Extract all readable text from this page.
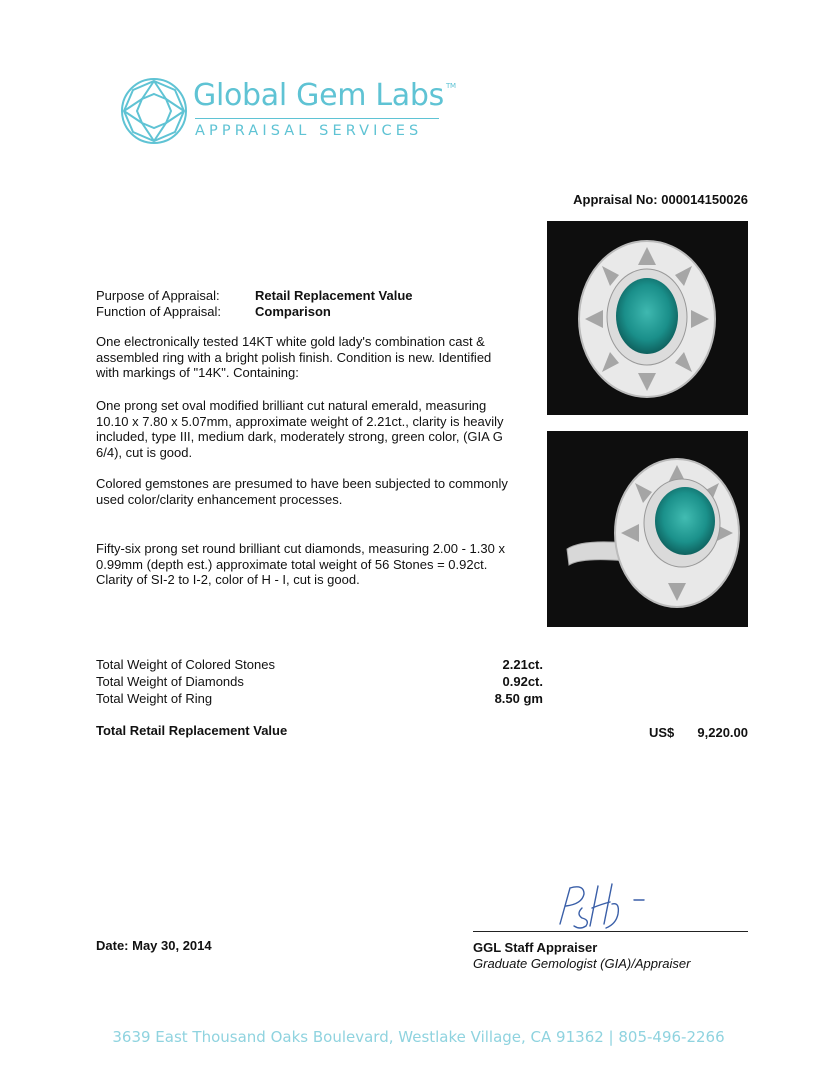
Global Gem Labs ™
APPRAISAL SERVICES
Appraisal No: 000014150026
Purpose of Appraisal:	Retail Replacement Value
Function of Appraisal:	Comparison
One electronically tested 14KT white gold lady's combination cast & assembled ring with a bright polish finish. Condition is new. Identified with markings of "14K". Containing:
One prong set oval modified brilliant cut natural emerald, measuring 10.10 x 7.80 x 5.07mm, approximate weight of 2.21ct., clarity is heavily included, type III, medium dark, moderately strong, green color, (GIA G 6/4), cut is good.
Colored gemstones are presumed to have been subjected to commonly used color/clarity enhancement processes.
Fifty-six prong set round brilliant cut diamonds, measuring 2.00 - 1.30 x 0.99mm (depth est.) approximate total weight of 56 Stones = 0.92ct. Clarity of SI-2 to I-2, color of H - I, cut is good.
Total Weight of Colored Stones	2.21ct.
Total Weight of Diamonds	0.92ct.
Total Weight of Ring	8.50 gm
Total Retail Replacement Value	US$ 9,220.00
Date: May 30, 2014	GGL Staff Appraiser
Graduate Gemologist (GIA)/Appraiser
3639 East Thousand Oaks Boulevard, Westlake Village, CA 91362 | 805-496-2266
